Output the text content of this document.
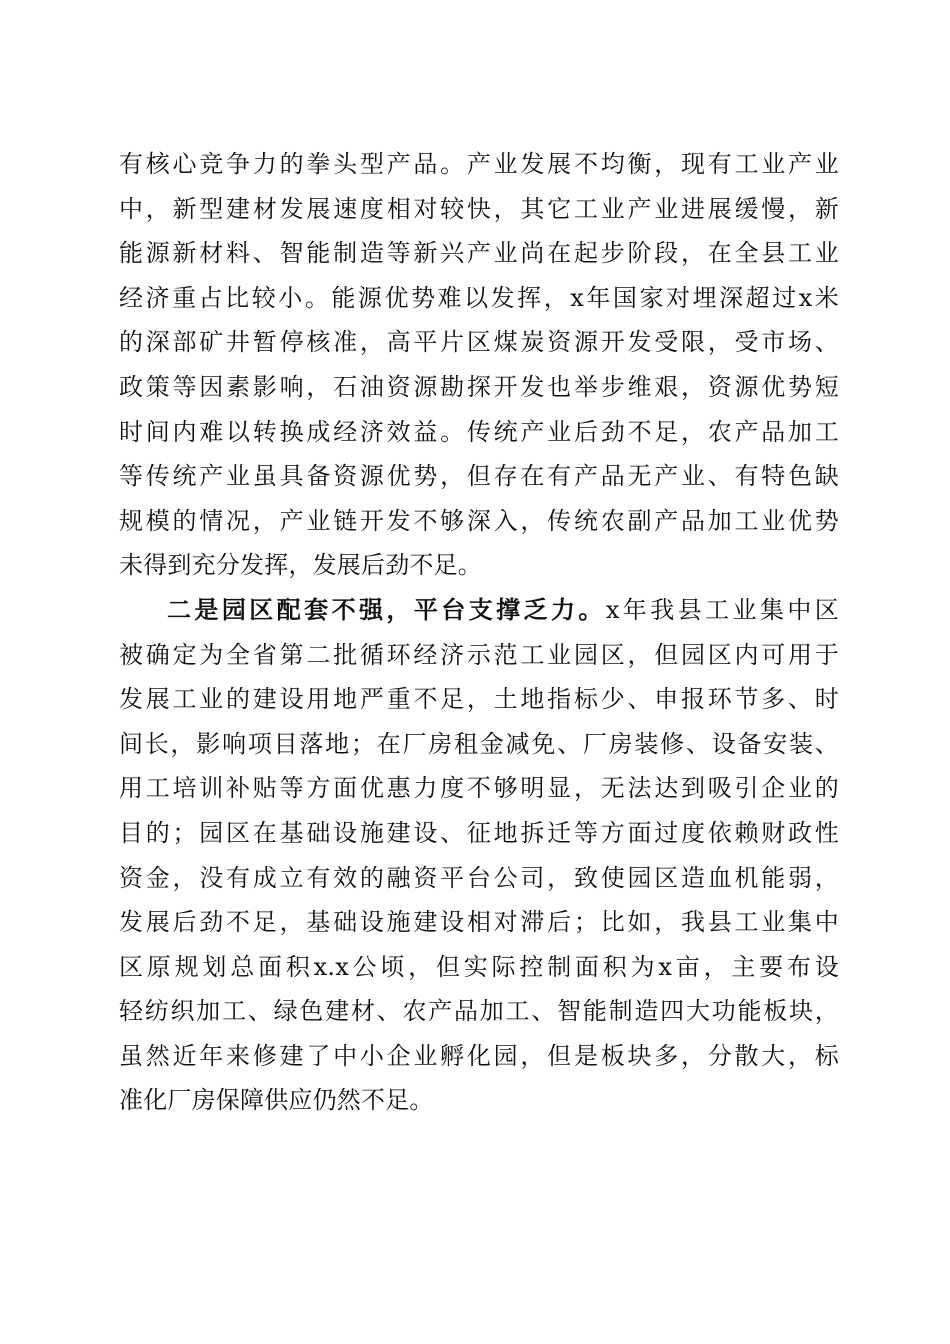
有核心竞争力的拳头型产品。产业发展不均衡，现有工业产业
中，新型建材发展速度相对较快，其它工业产业进展缓慢，新
能源新材料、智能制造等新兴产业尚在起步阶段，在全县工业
经济重占比较小。能源优势难以发挥，x年国家对埋深超过x米
的深部矿井暂停核准，高平片区煤炭资源开发受限，受市场、
政策等因素影响，石油资源勘探开发也举步维艰，资源优势短
时间内难以转换成经济效益。传统产业后劲不足，农产品加工
等传统产业虽具备资源优势，但存在有产品无产业、有特色缺
规模的情况，产业链开发不够深入，传统农副产品加工业优势
未得到充分发挥，发展后劲不足。
二是园区配套不强，平台支撑乏力。x年我县工业集中区
被确定为全省第二批循环经济示范工业园区，但园区内可用于
发展工业的建设用地严重不足，土地指标少、申报环节多、时
间长，影响项目落地；在厂房租金减免、厂房装修、设备安装、
用工培训补贴等方面优惠力度不够明显，无法达到吸引企业的
目的；园区在基础设施建设、征地拆迁等方面过度依赖财政性
资金，没有成立有效的融资平台公司，致使园区造血机能弱，
发展后劲不足，基础设施建设相对滞后；比如，我县工业集中
区原规划总面积x.x公顷，但实际控制面积为x亩，主要布设
轻纺织加工、绿色建材、农产品加工、智能制造四大功能板块，
虽然近年来修建了中小企业孵化园，但是板块多，分散大，标
准化厂房保障供应仍然不足。
